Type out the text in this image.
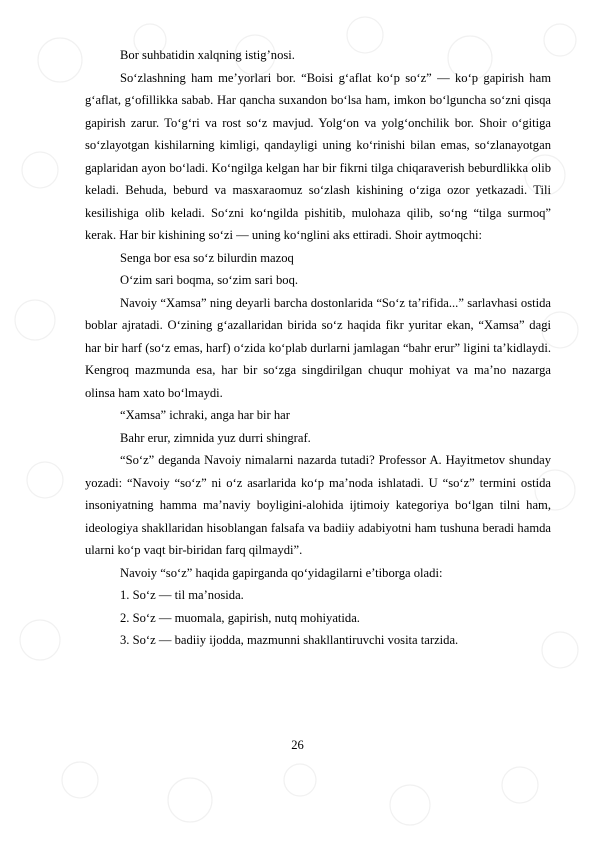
Bor suhbatidin xalqning istig’nosi.

So‘zlashning ham me’yorlari bor. “Boisi g‘aflat ko‘p so‘z” — ko‘p gapirish ham g‘aflat, g‘ofillikka sabab. Har qancha suxandon bo‘lsa ham, imkon bo‘lguncha so‘zni qisqa gapirish zarur. To‘g‘ri va rost so‘z mavjud. Yolg‘on va yolg‘onchilik bor. Shoir o‘gitiga so‘zlayotgan kishilarning kimligi, qandayligi uning ko‘rinishi bilan emas, so‘zlanayotgan gaplaridan ayon bo‘ladi. Ko‘ngilga kelgan har bir fikrni tilga chiqaraverish beburdlikka olib keladi. Behuda, beburd va masxaraomuz so‘zlash kishining o‘ziga ozor yetkazadi. Tili kesilishiga olib keladi. So‘zni ko‘ngilda pishitib, mulohaza qilib, so‘ng “tilga surmoq” kerak. Har bir kishining so‘zi — uning ko‘nglini aks ettiradi. Shoir aytmoqchi:

Senga bor esa so‘z bilurdin mazoq

O‘zim sari boqma, so‘zim sari boq.

Navoiy “Xamsa” ning deyarli barcha dostonlarida “So‘z ta’rifida...” sarlavhasi ostida boblar ajratadi. O‘zining g‘azallaridan birida so‘z haqida fikr yuritar ekan, “Xamsa” dagi har bir harf (so‘z emas, harf) o‘zida ko‘plab durlarni jamlagan “bahr erur” ligini ta’kidlaydi. Kengroq mazmunda esa, har bir so‘zga singdirilgan chuqur mohiyat va ma’no nazarga olinsa ham xato bo‘lmaydi.

“Xamsa” ichraki, anga har bir har

Bahr erur, zimnida yuz durri shingraf.

“So‘z” deganda Navoiy nimalarni nazarda tutadi? Professor A. Hayitmetov shunday yozadi: “Navoiy “so‘z” ni o‘z asarlarida ko‘p ma’noda ishlatadi. U “so‘z” termini ostida insoniyatning hamma ma’naviy boyligini-alohida ijtimoiy kategoriya bo‘lgan tilni ham, ideologiya shakllaridan hisoblangan falsafa va badiiy adabiyotni ham tushuna beradi hamda ularni ko‘p vaqt bir-biridan farq qilmaydi”.

Navoiy “so‘z” haqida gapirganda qo‘yidagilarni e’tiborga oladi:

1. So‘z — til ma’nosida.

2. So‘z — muomala, gapirish, nutq mohiyatida.

3. So‘z — badiiy ijodda, mazmunni shakllantiruvchi vosita tarzida.

26
